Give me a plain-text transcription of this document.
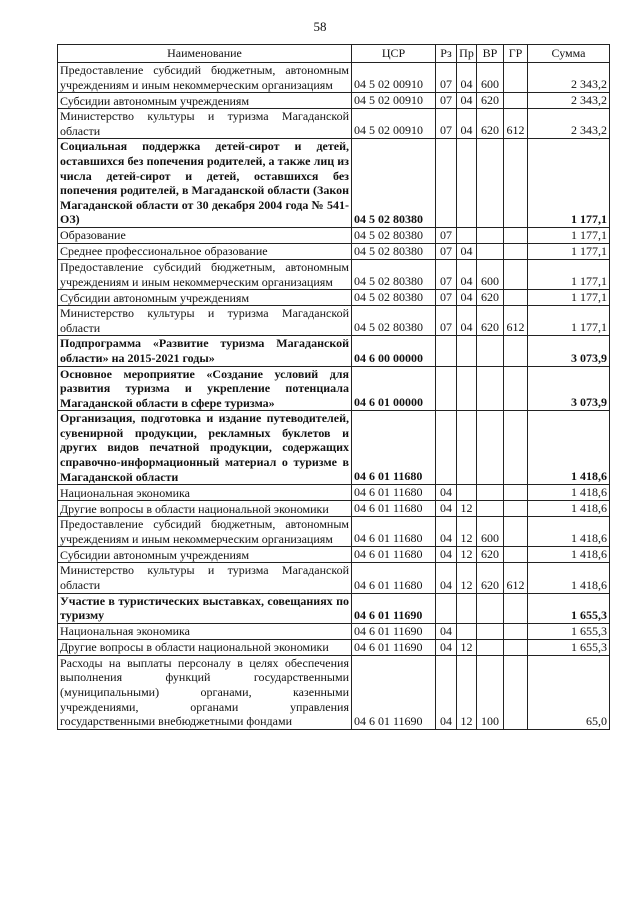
58
Наименование	ЦСР	Рз	Пр	ВР	ГР	Сумма
Предоставление субсидий бюджетным, автономным учреждениям и иным некоммерческим организациям	04 5 02 00910	07	04	600		2 343,2
Субсидии автономным учреждениям	04 5 02 00910	07	04	620		2 343,2
Министерство культуры и туризма Магаданской области	04 5 02 00910	07	04	620	612	2 343,2
Социальная поддержка детей-сирот и детей, оставшихся без попечения родителей, а также лиц из числа детей-сирот и детей, оставшихся без попечения родителей, в Магаданской области (Закон Магаданской области от 30 декабря 2004 года № 541-ОЗ)	04 5 02 80380					1 177,1
Образование	04 5 02 80380	07				1 177,1
Среднее профессиональное образование	04 5 02 80380	07	04			1 177,1
Предоставление субсидий бюджетным, автономным учреждениям и иным некоммерческим организациям	04 5 02 80380	07	04	600		1 177,1
Субсидии автономным учреждениям	04 5 02 80380	07	04	620		1 177,1
Министерство культуры и туризма Магаданской области	04 5 02 80380	07	04	620	612	1 177,1
Подпрограмма «Развитие туризма Магаданской области» на 2015-2021 годы»	04 6 00 00000					3 073,9
Основное мероприятие «Создание условий для развития туризма и укрепление потенциала Магаданской области в сфере туризма»	04 6 01 00000					3 073,9
Организация, подготовка и издание путеводителей, сувенирной продукции, рекламных буклетов и других видов печатной продукции, содержащих справочно-информационный материал о туризме в Магаданской области	04 6 01 11680					1 418,6
Национальная экономика	04 6 01 11680	04				1 418,6
Другие вопросы в области национальной экономики	04 6 01 11680	04	12			1 418,6
Предоставление субсидий бюджетным, автономным учреждениям и иным некоммерческим организациям	04 6 01 11680	04	12	600		1 418,6
Субсидии автономным учреждениям	04 6 01 11680	04	12	620		1 418,6
Министерство культуры и туризма Магаданской области	04 6 01 11680	04	12	620	612	1 418,6
Участие в туристических выставках, совещаниях по туризму	04 6 01 11690					1 655,3
Национальная экономика	04 6 01 11690	04				1 655,3
Другие вопросы в области национальной экономики	04 6 01 11690	04	12			1 655,3
Расходы на выплаты персоналу в целях обеспечения выполнения функций государственными (муниципальными) органами, казенными учреждениями, органами управления государственными внебюджетными фондами	04 6 01 11690	04	12	100		65,0
